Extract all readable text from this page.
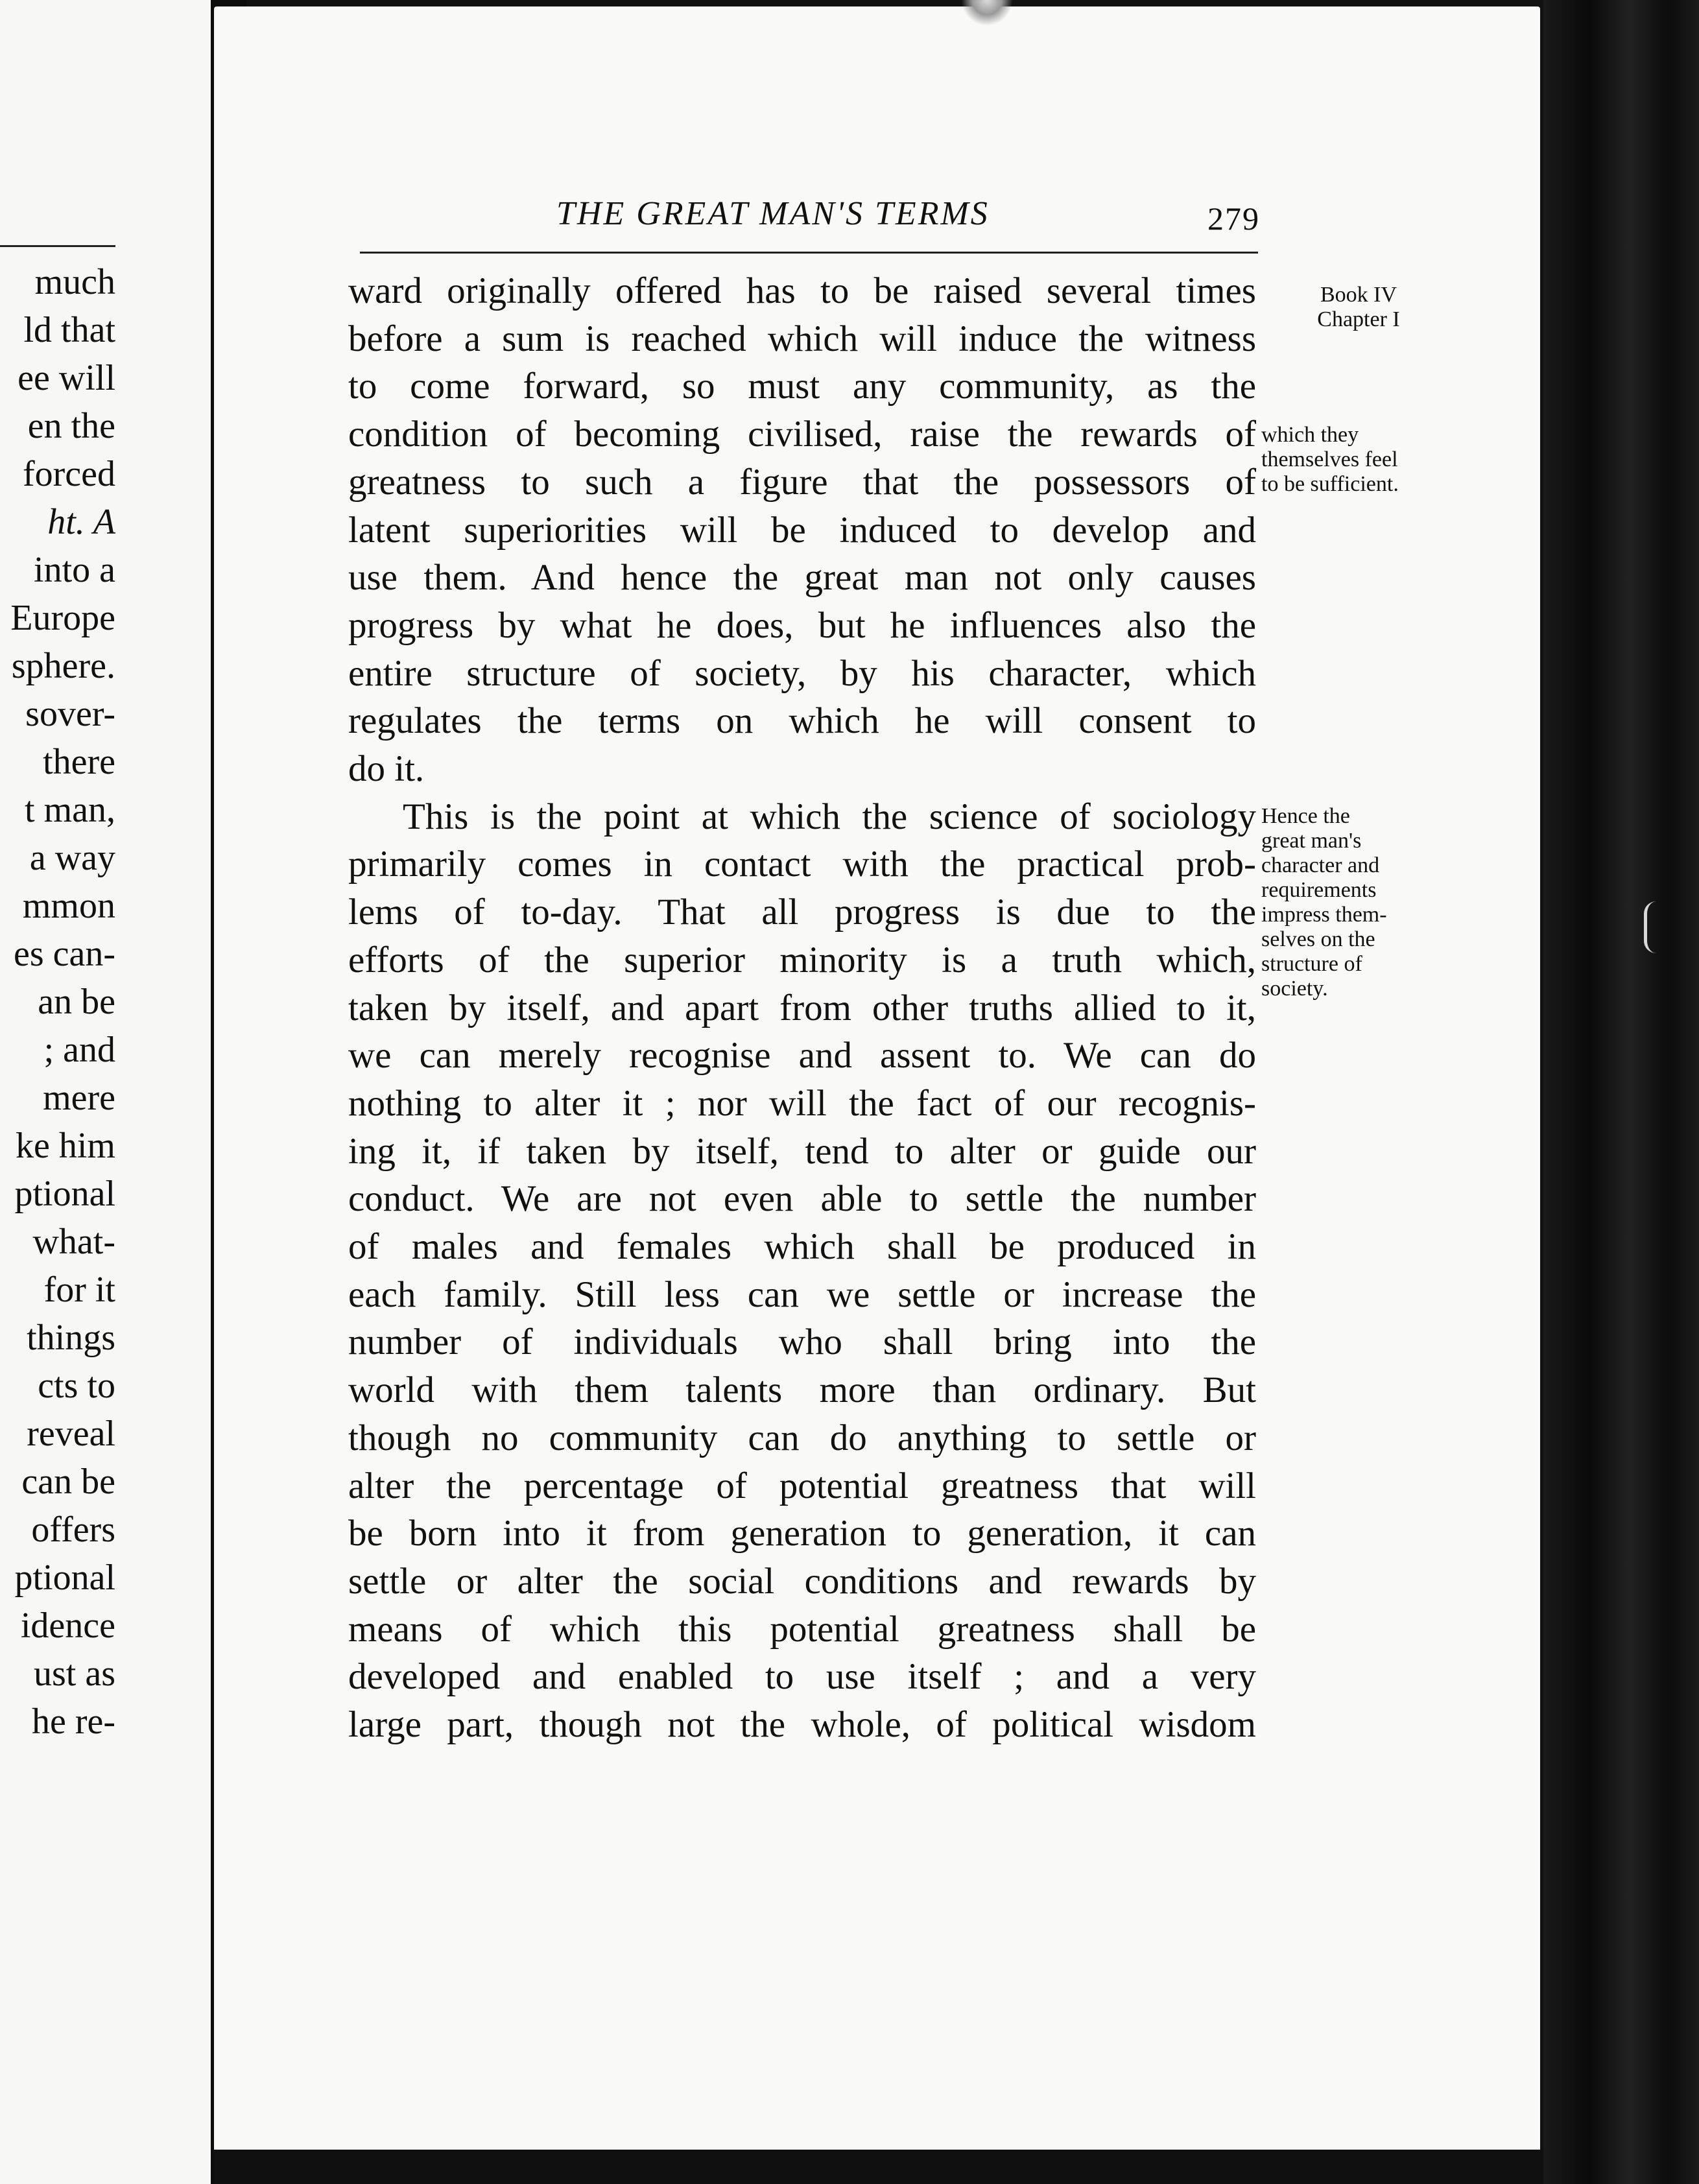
much
ld that
ee will
en the
forced
ht. A
into a
Europe
sphere.
sover-
there
t man,
a way
mmon
es can-
an be
; and
mere
ke him
ptional
what-
for it
things
cts to
reveal
can be
offers
ptional
idence
ust as
he re-
THE GREAT MAN'S TERMS	279
Book IV
Chapter I
which they
themselves feel
to be sufficient.
Hence the
great man's
character and
requirements
impress them-
selves on the
structure of
society.
ward originally offered has to be raised several times
before a sum is reached which will induce the witness
to come forward, so must any community, as the
condition of becoming civilised, raise the rewards of
greatness to such a figure that the possessors of
latent superiorities will be induced to develop and
use them. And hence the great man not only causes
progress by what he does, but he influences also the
entire structure of society, by his character, which
regulates the terms on which he will consent to
do it.
This is the point at which the science of sociology
primarily comes in contact with the practical prob-
lems of to-day. That all progress is due to the
efforts of the superior minority is a truth which,
taken by itself, and apart from other truths allied to it,
we can merely recognise and assent to. We can do
nothing to alter it ; nor will the fact of our recognis-
ing it, if taken by itself, tend to alter or guide our
conduct. We are not even able to settle the number
of males and females which shall be produced in
each family. Still less can we settle or increase the
number of individuals who shall bring into the
world with them talents more than ordinary. But
though no community can do anything to settle or
alter the percentage of potential greatness that will
be born into it from generation to generation, it can
settle or alter the social conditions and rewards by
means of which this potential greatness shall be
developed and enabled to use itself ; and a very
large part, though not the whole, of political wisdom
